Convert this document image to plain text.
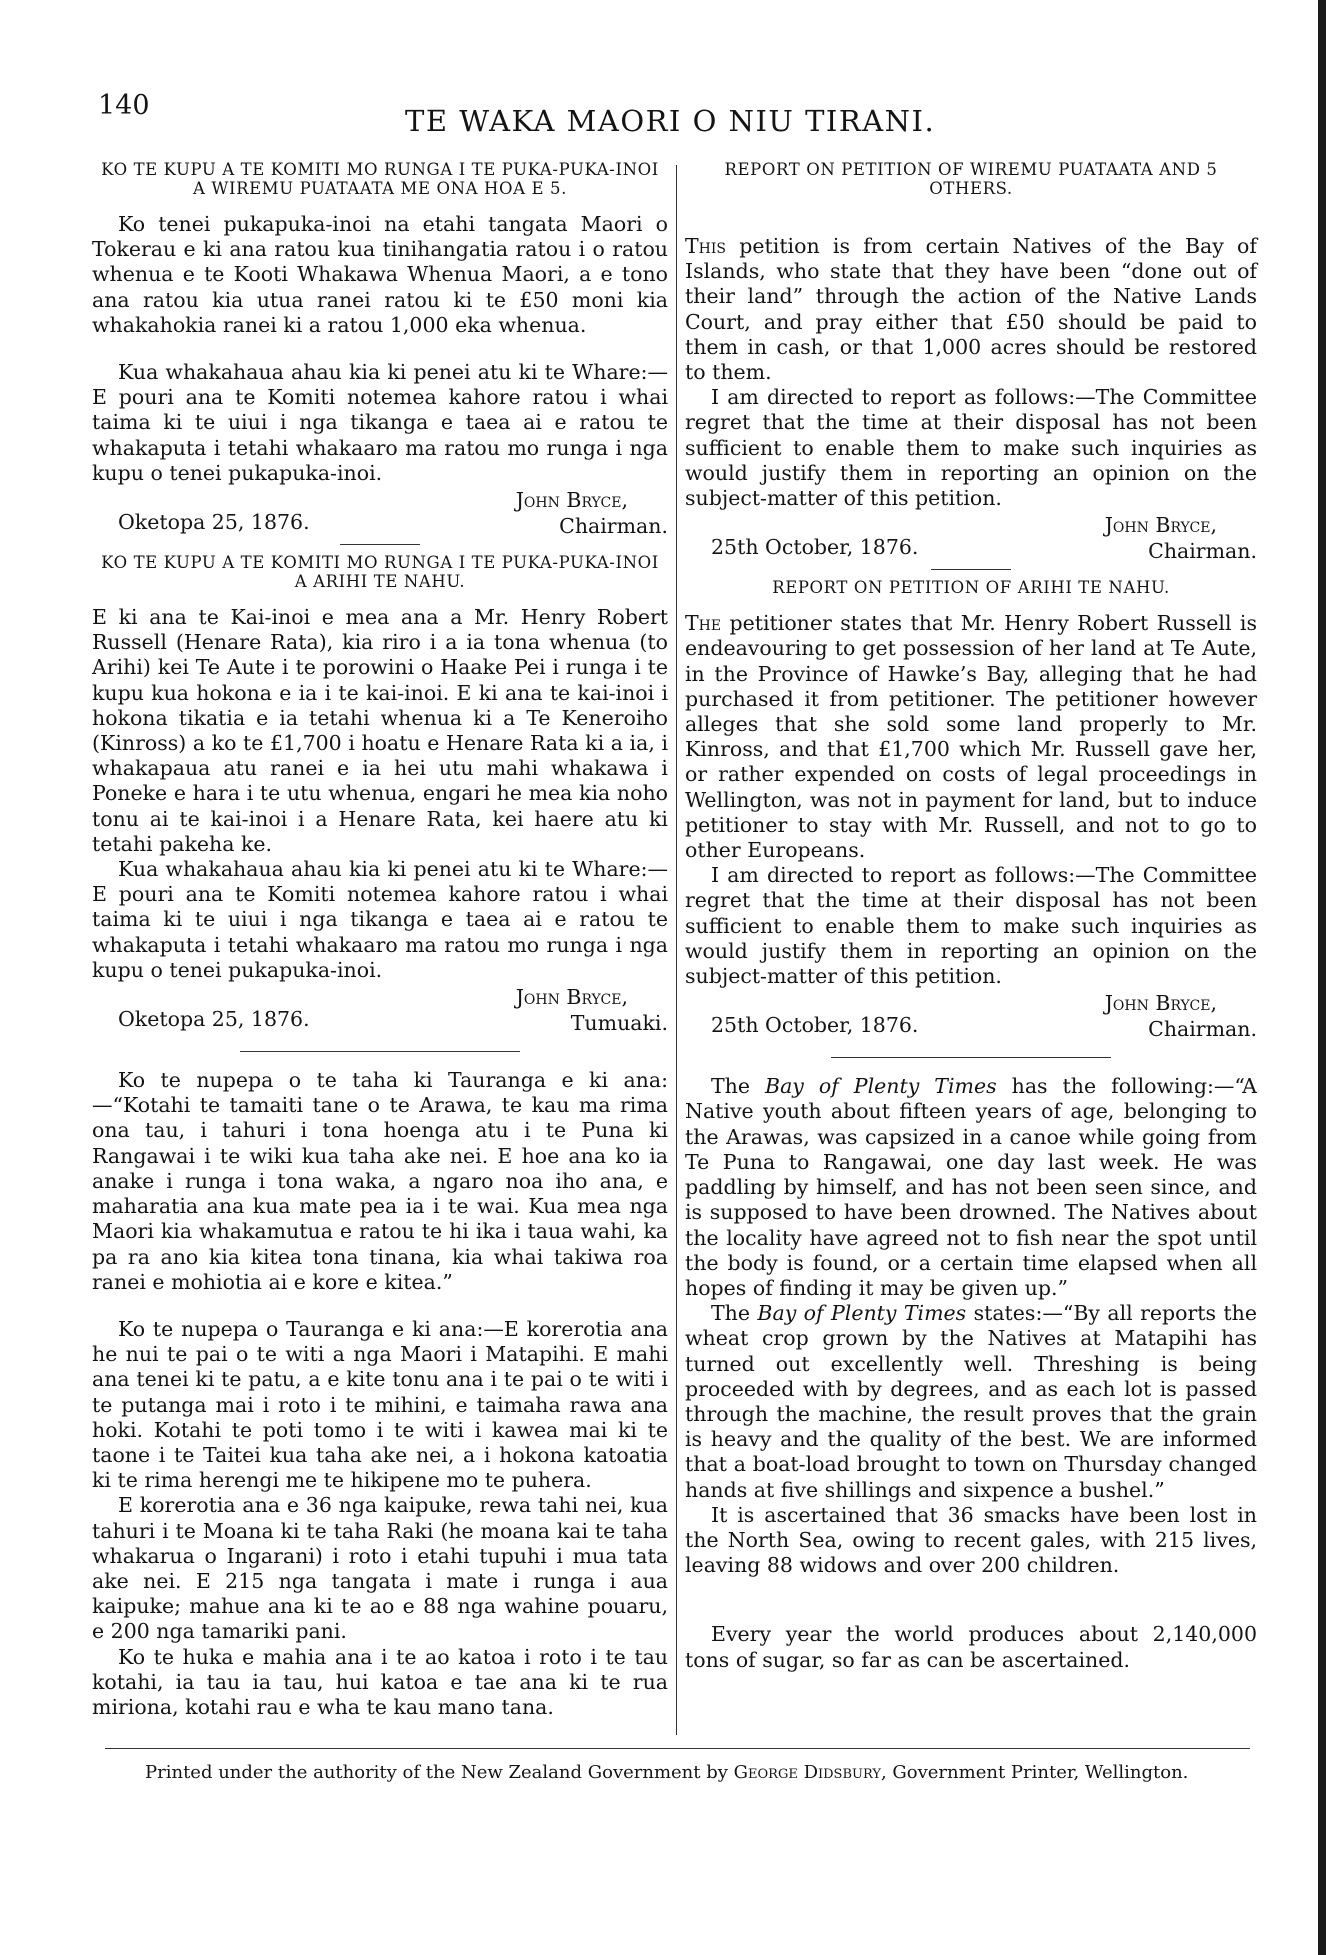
140	TE WAKA MAORI O NIU TIRANI.
KO TE KUPU A TE KOMITI MO RUNGA I TE PUKA-PUKA-INOI A WIREMU PUATAATA ME ONA HOA E 5.

Ko tenei pukapuka-inoi na etahi tangata Maori o Tokerau e ki ana ratou kua tinihangatia ratou i o ratou whenua e te Kooti Whakawa Whenua Maori, a e tono ana ratou kia utua ranei ratou ki te £50 moni kia whakahokia ranei ki a ratou 1,000 eka whenua.

Kua whakahaua ahau kia ki penei atu ki te Whare:—E pouri ana te Komiti notemea kahore ratou i whai taima ki te uiui i nga tikanga e taea ai e ratou te whakaputa i tetahi whakaaro ma ratou mo runga i nga kupu o tenei pukapuka-inoi.

John Bryce,
Oketopa 25, 1876.	Chairman.
KO TE KUPU A TE KOMITI MO RUNGA I TE PUKA-PUKA-INOI A ARIHI TE NAHU.

E ki ana te Kai-inoi e mea ana a Mr. Henry Robert Russell (Henare Rata), kia riro i a ia tona whenua (to Arihi) kei Te Aute i te porowini o Haake Pei i runga i te kupu kua hokona e ia i te kai-inoi. E ki ana te kai-inoi i hokona tikatia e ia tetahi whenua ki a Te Keneroiho (Kinross) a ko te £1,700 i hoatu e Henare Rata ki a ia, i whakapaua atu ranei e ia hei utu mahi whakawa i Poneke e hara i te utu whenua, engari he mea kia noho tonu ai te kai-inoi i a Henare Rata, kei haere atu ki tetahi pakeha ke.

Kua whakahaua ahau kia ki penei atu ki te Whare:—E pouri ana te Komiti notemea kahore ratou i whai taima ki te uiui i nga tikanga e taea ai e ratou te whakaputa i tetahi whakaaro ma ratou mo runga i nga kupu o tenei pukapuka-inoi.

John Bryce,
Oketopa 25, 1876.	Tumuaki.

Ko te nupepa o te taha ki Tauranga e ki ana:—“Kotahi te tamaiti tane o te Arawa, te kau ma rima ona tau, i tahuri i tona hoenga atu i te Puna ki Rangawai i te wiki kua taha ake nei. E hoe ana ko ia anake i runga i tona waka, a ngaro noa iho ana, e maharatia ana kua mate pea ia i te wai. Kua mea nga Maori kia whakamutua e ratou te hi ika i taua wahi, ka pa ra ano kia kitea tona tinana, kia whai takiwa roa ranei e mohiotia ai e kore e kitea.”

Ko te nupepa o Tauranga e ki ana:—E korerotia ana he nui te pai o te witi a nga Maori i Matapihi. E mahi ana tenei ki te patu, a e kite tonu ana i te pai o te witi i te putanga mai i roto i te mihini, e taimaha rawa ana hoki. Kotahi te poti tomo i te witi i kawea mai ki te taone i te Taitei kua taha ake nei, a i hokona katoatia ki te rima herengi me te hikipene mo te puhera.

E korerotia ana e 36 nga kaipuke, rewa tahi nei, kua tahuri i te Moana ki te taha Raki (he moana kai te taha whakarua o Ingarani) i roto i etahi tupuhi i mua tata ake nei. E 215 nga tangata i mate i runga i aua kaipuke; mahue ana ki te ao e 88 nga wahine pouaru, e 200 nga tamariki pani.

Ko te huka e mahia ana i te ao katoa i roto i te tau kotahi, ia tau ia tau, hui katoa e tae ana ki te rua miriona, kotahi rau e wha te kau mano tana.

REPORT ON PETITION OF WIREMU PUATAATA AND 5 OTHERS.

This petition is from certain Natives of the Bay of Islands, who state that they have been “done out of their land” through the action of the Native Lands Court, and pray either that £50 should be paid to them in cash, or that 1,000 acres should be restored to them.

I am directed to report as follows:—The Committee regret that the time at their disposal has not been sufficient to enable them to make such inquiries as would justify them in reporting an opinion on the subject-matter of this petition.

John Bryce,
25th October, 1876.	Chairman.
REPORT ON PETITION OF ARIHI TE NAHU.

The petitioner states that Mr. Henry Robert Russell is endeavouring to get possession of her land at Te Aute, in the Province of Hawke’s Bay, alleging that he had purchased it from petitioner. The petitioner however alleges that she sold some land properly to Mr. Kinross, and that £1,700 which Mr. Russell gave her, or rather expended on costs of legal proceedings in Wellington, was not in payment for land, but to induce petitioner to stay with Mr. Russell, and not to go to other Europeans.

I am directed to report as follows:—The Committee regret that the time at their disposal has not been sufficient to enable them to make such inquiries as would justify them in reporting an opinion on the subject-matter of this petition.

John Bryce,
25th October, 1876.	Chairman.

The Bay of Plenty Times has the following:—“A Native youth about fifteen years of age, belonging to the Arawas, was capsized in a canoe while going from Te Puna to Rangawai, one day last week. He was paddling by himself, and has not been seen since, and is supposed to have been drowned. The Natives about the locality have agreed not to fish near the spot until the body is found, or a certain time elapsed when all hopes of finding it may be given up.”

The Bay of Plenty Times states:—“By all reports the wheat crop grown by the Natives at Matapihi has turned out excellently well. Threshing is being proceeded with by degrees, and as each lot is passed through the machine, the result proves that the grain is heavy and the quality of the best. We are informed that a boat-load brought to town on Thursday changed hands at five shillings and sixpence a bushel.”

It is ascertained that 36 smacks have been lost in the North Sea, owing to recent gales, with 215 lives, leaving 88 widows and over 200 children.

Every year the world produces about 2,140,000 tons of sugar, so far as can be ascertained.

Printed under the authority of the New Zealand Government by George Didsbury, Government Printer, Wellington.
